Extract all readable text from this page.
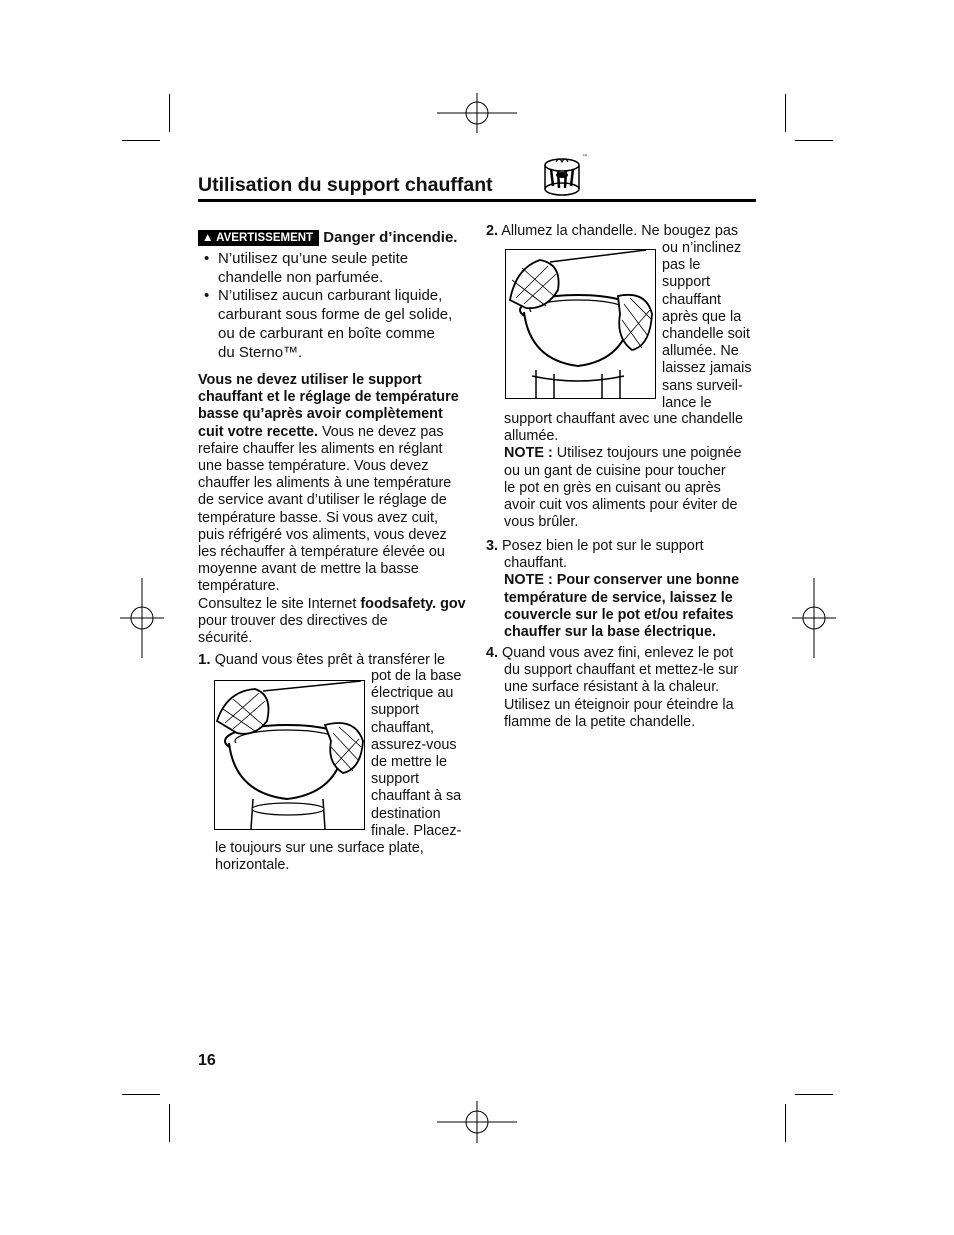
Utilisation du support chauffant
™
▲ AVERTISSEMENT Danger d’incendie.
• N’utilisez qu’une seule petite
chandelle non parfumée.
• N’utilisez aucun carburant liquide,
carburant sous forme de gel solide,
ou de carburant en boîte comme
du Sterno™.
Vous ne devez utiliser le support
chauffant et le réglage de température
basse qu’après avoir complètement
cuit votre recette. Vous ne devez pas
refaire chauffer les aliments en réglant
une basse température. Vous devez
chauffer les aliments à une température
de service avant d’utiliser le réglage de
température basse. Si vous avez cuit,
puis réfrigéré vos aliments, vous devez
les réchauffer à température élevée ou
moyenne avant de mettre la basse
température.
Consultez le site Internet foodsafety. gov
pour trouver des directives de
sécurité.
1. Quand vous êtes prêt à transférer le
pot de la base
électrique au
support
chauffant,
assurez-vous
de mettre le
support
chauffant à sa
destination
finale. Placez-
le toujours sur une surface plate,
horizontale.
2. Allumez la chandelle. Ne bougez pas
ou n’inclinez
pas le
support
chauffant
après que la
chandelle soit
allumée. Ne
laissez jamais
sans surveil-
lance le
support chauffant avec une chandelle
allumée.
NOTE : Utilisez toujours une poignée
ou un gant de cuisine pour toucher
le pot en grès en cuisant ou après
avoir cuit vos aliments pour éviter de
vous brûler.
3. Posez bien le pot sur le support
chauffant.
NOTE : Pour conserver une bonne
température de service, laissez le
couvercle sur le pot et/ou refaites
chauffer sur la base électrique.
4. Quand vous avez fini, enlevez le pot
du support chauffant et mettez-le sur
une surface résistant à la chaleur.
Utilisez un éteignoir pour éteindre la
flamme de la petite chandelle.
16
